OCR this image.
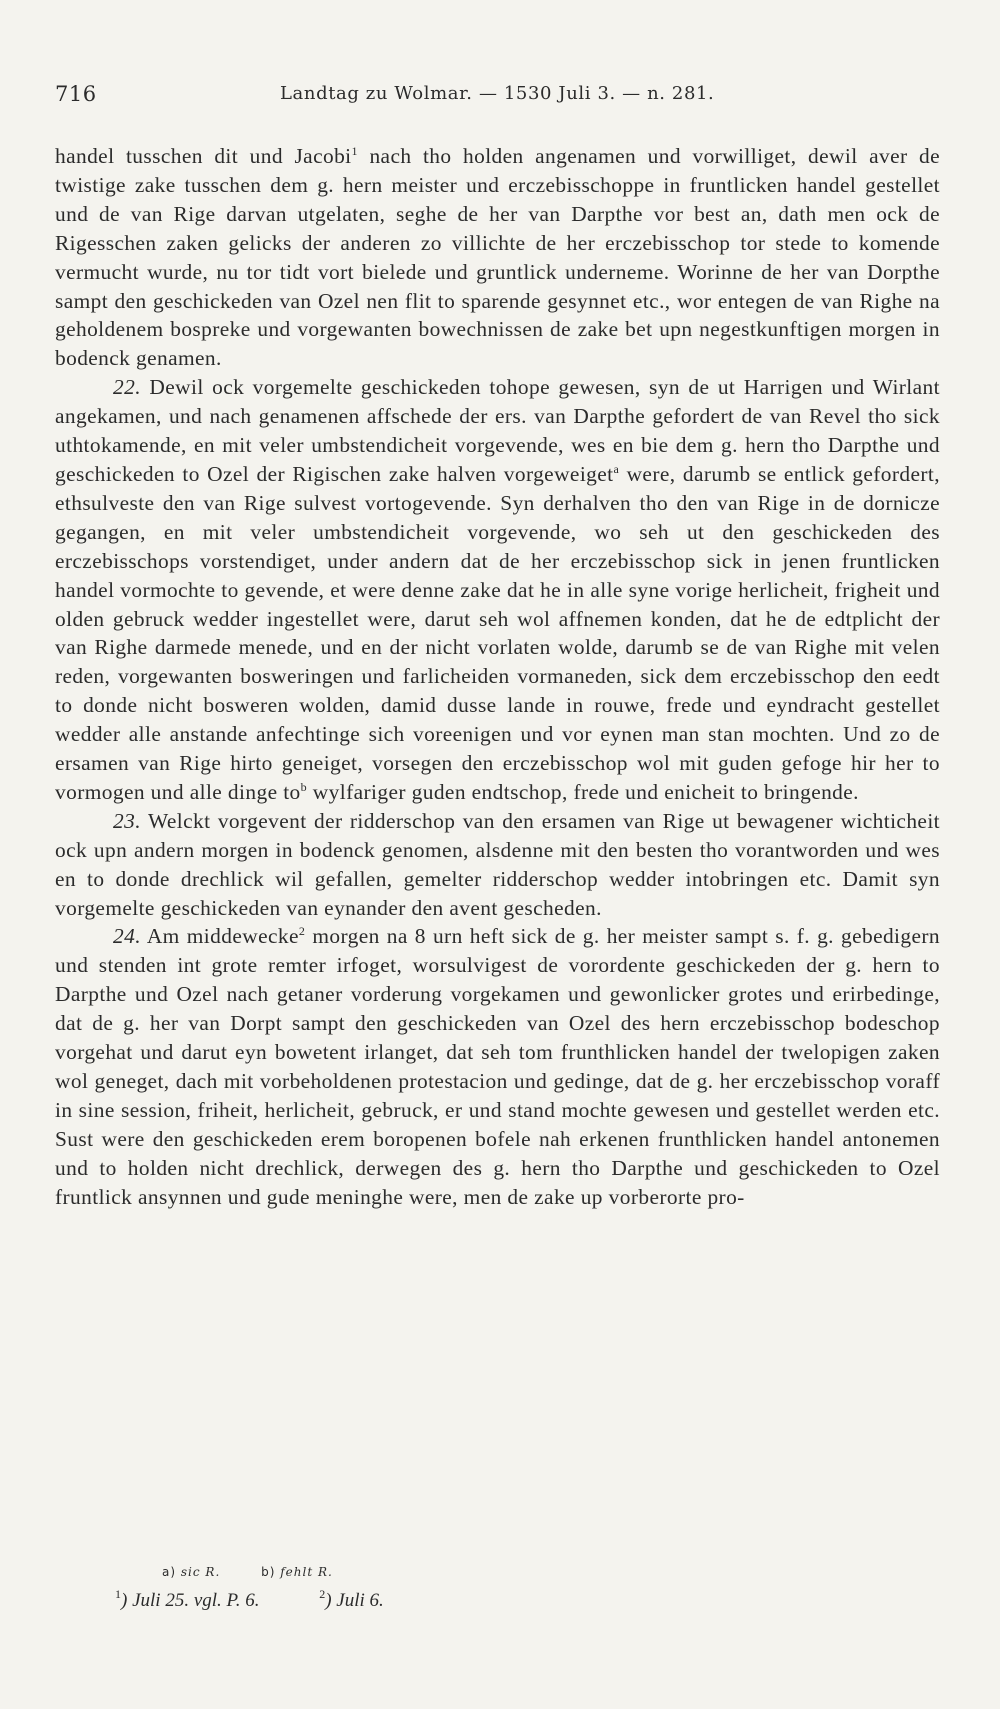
716	Landtag zu Wolmar. — 1530 Juli 3. — n. 281.

handel tusschen dit und Jacobi$^1$ nach tho holden angenamen und vorwilliget, dewil aver de twistige zake tusschen dem g. hern meister und erczebisschoppe in fruntlicken handel gestellet und de van Rige darvan utgelaten, seghe de her van Darpthe vor best an, dath men ock de Rigesschen zaken gelicks der anderen zo villichte de her erczebisschop tor stede to komende vermucht wurde, nu tor tidt vort bielede und gruntlick underneme. Worinne de her van Dorpthe sampt den geschickeden van Ozel nen flit to sparende gesynnet etc., wor entegen de van Righe na geholdenem bospreke und vorgewanten bowechnissen de zake bet upn negestkunftigen morgen in bodenck genamen.

22. Dewil ock vorgemelte geschickeden tohope gewesen, syn de ut Harrigen und Wirlant angekamen, und nach genamenen affschede der ers. van Darpthe gefordert de van Revel tho sick uthtokamende, en mit veler umbstendicheit vorgevende, wes en bie dem g. hern tho Darpthe und geschickeden to Ozel der Rigischen zake halven vorgeweiget$^a$ were, darumb se entlick gefordert, ethsulveste den van Rige sulvest vortogevende. Syn derhalven tho den van Rige in de dornicze gegangen, en mit veler umbstendicheit vorgevende, wo seh ut den geschickeden des erczebisschops vorstendiget, under andern dat de her erczebisschop sick in jenen fruntlicken handel vormochte to gevende, et were denne zake dat he in alle syne vorige herlicheit, frigheit und olden gebruck wedder ingestellet were, darut seh wol affnemen konden, dat he de edtplicht der van Righe darmede menede, und en der nicht vorlaten wolde, darumb se de van Righe mit velen reden, vorgewanten bosweringen und farlicheiden vormaneden, sick dem erczebisschop den eedt to donde nicht bosweren wolden, damid dusse lande in rouwe, frede und eyndracht gestellet wedder alle anstande anfechtinge sich voreenigen und vor eynen man stan mochten. Und zo de ersamen van Rige hirto geneiget, vorsegen den erczebisschop wol mit guden gefoge hir her to vormogen und alle dinge $to^b$ wylfariger guden endtschop, frede und enicheit to bringende.

23. Welckt vorgevent der ridderschop van den ersamen van Rige ut bewagener wichticheit ock upn andern morgen in bodenck genomen, alsdenne mit den besten tho vorantworden und wes en to donde drechlick wil gefallen, gemelter ridderschop wedder intobringen etc. Damit syn vorgemelte geschickeden van eynander den avent gescheden.

24. Am middewecke$^2$ morgen na 8 urn heft sick de g. her meister sampt s. f. g. gebedigern und stenden int grote remter irfoget, worsulvigest de vorordente geschickeden der g. hern to Darpthe und Ozel nach getaner vorderung vorgekamen und gewonlicker grotes und erirbedinge, dat de g. her van Dorpt sampt den geschickeden van Ozel des hern erczebisschop bodeschop vorgehat und darut eyn bowetent irlanget, dat seh tom frunthlicken handel der twelopigen zaken wol geneget, dach mit vorbeholdenen protestacion und gedinge, dat de g. her erczebisschop voraff in sine session, friheit, herlicheit, gebruck, er und stand mochte gewesen und gestellet werden etc. Sust were den geschickeden erem boropenen bofele nah erkenen frunthlicken handel antonemen und to holden nicht drechlick, derwegen des g. hern tho Darpthe und geschickeden to Ozel fruntlick ansynnen und gude meninghe were, men de zake up vorberorte pro-

a) sic R.	b) fehlt R.
$^1$) Juli 25. vgl. P. 6.	$^2$) Juli 6.
